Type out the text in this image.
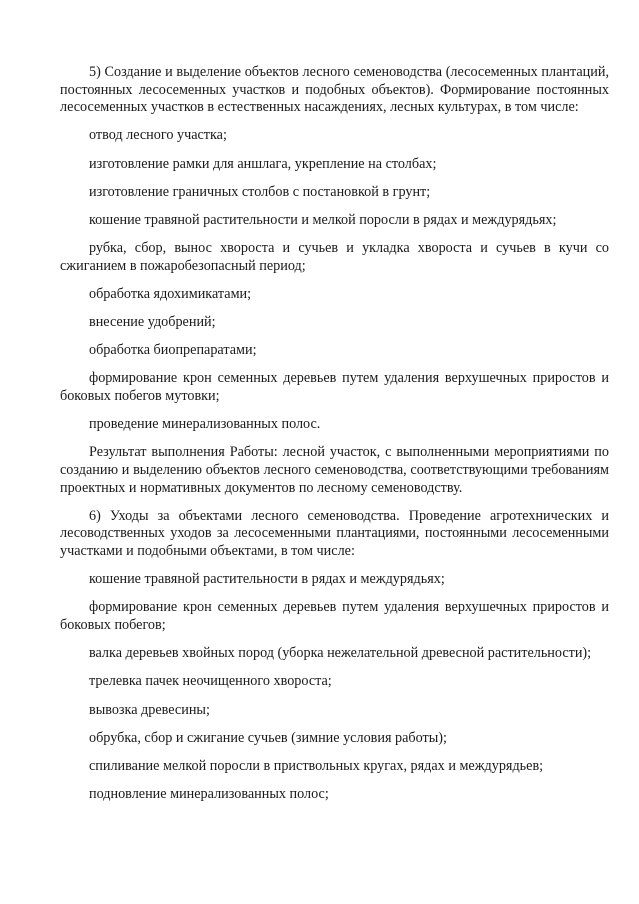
5) Создание и выделение объектов лесного семеноводства (лесосеменных плантаций, постоянных лесосеменных участков и подобных объектов). Формирование постоянных лесосеменных участков в естественных насаждениях, лесных культурах, в том числе:

отвод лесного участка;

изготовление рамки для аншлага, укрепление на столбах;

изготовление граничных столбов с постановкой в грунт;

кошение травяной растительности и мелкой поросли в рядах и междурядьях;

рубка, сбор, вынос хвороста и сучьев и укладка хвороста и сучьев в кучи со сжиганием в пожаробезопасный период;

обработка ядохимикатами;

внесение удобрений;

обработка биопрепаратами;

формирование крон семенных деревьев путем удаления верхушечных приростов и боковых побегов мутовки;

проведение минерализованных полос.

Результат выполнения Работы: лесной участок, с выполненными мероприятиями по созданию и выделению объектов лесного семеноводства, соответствующими требованиям проектных и нормативных документов по лесному семеноводству.

6) Уходы за объектами лесного семеноводства. Проведение агротехнических и лесоводственных уходов за лесосеменными плантациями, постоянными лесосеменными участками и подобными объектами, в том числе:

кошение травяной растительности в рядах и междурядьях;

формирование крон семенных деревьев путем удаления верхушечных приростов и боковых побегов;

валка деревьев хвойных пород (уборка нежелательной древесной растительности);

трелевка пачек неочищенного хвороста;

вывозка древесины;

обрубка, сбор и сжигание сучьев (зимние условия работы);

спиливание мелкой поросли в приствольных кругах, рядах и междурядьев;

подновление минерализованных полос;
